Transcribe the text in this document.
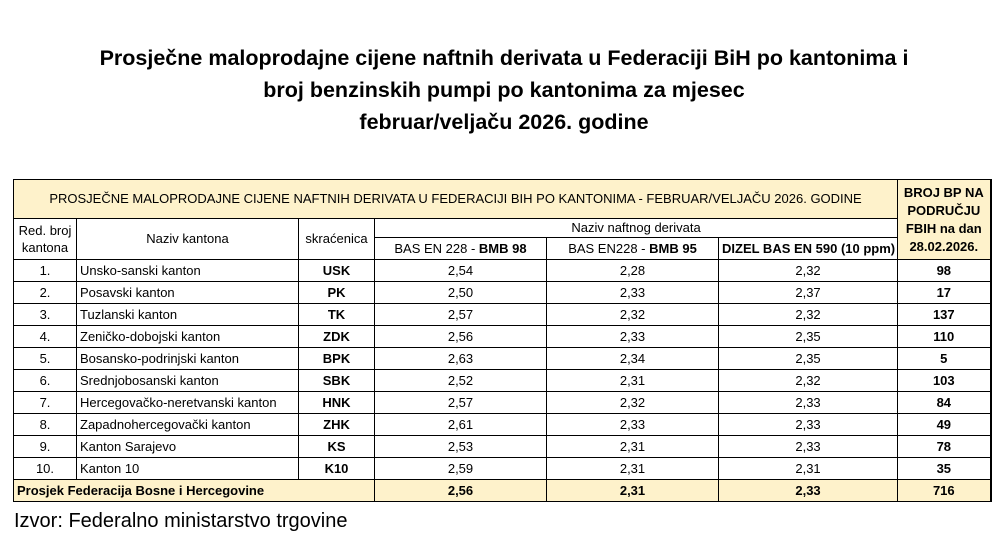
Prosječne maloprodajne cijene naftnih derivata u Federaciji BiH po kantonima i
broj benzinskih pumpi po kantonima za mjesec
februar/veljaču 2026. godine
PROSJEČNE MALOPRODAJNE CIJENE NAFTNIH DERIVATA U FEDERACIJI BIH PO KANTONIMA - FEBRUAR/VELJAČU 2026. GODINE						BROJ BP NA
PODRUČJU
FBIH na dan
28.02.2026.
Red. broj
kantona	Naziv kantona	skraćenica	Naziv naftnog derivata			
			BAS EN 228 - BMB 98	BAS EN228 - BMB 95	DIZEL BAS EN 590 (10 ppm)	
1.	Unsko-sanski kanton	USK	2,54	2,28	2,32	98
2.	Posavski kanton	PK	2,50	2,33	2,37	17
3.	Tuzlanski kanton	TK	2,57	2,32	2,32	137
4.	Zeničko-dobojski kanton	ZDK	2,56	2,33	2,35	110
5.	Bosansko-podrinjski kanton	BPK	2,63	2,34	2,35	5
6.	Srednjobosanski kanton	SBK	2,52	2,31	2,32	103
7.	Hercegovačko-neretvanski kanton	HNK	2,57	2,32	2,33	84
8.	Zapadnohercegovački kanton	ZHK	2,61	2,33	2,33	49
9.	Kanton Sarajevo	KS	2,53	2,31	2,33	78
10.	Kanton 10	K10	2,59	2,31	2,31	35
Prosjek Federacija Bosne i Hercegovine			2,56	2,31	2,33	716
Izvor: Federalno ministarstvo trgovine
